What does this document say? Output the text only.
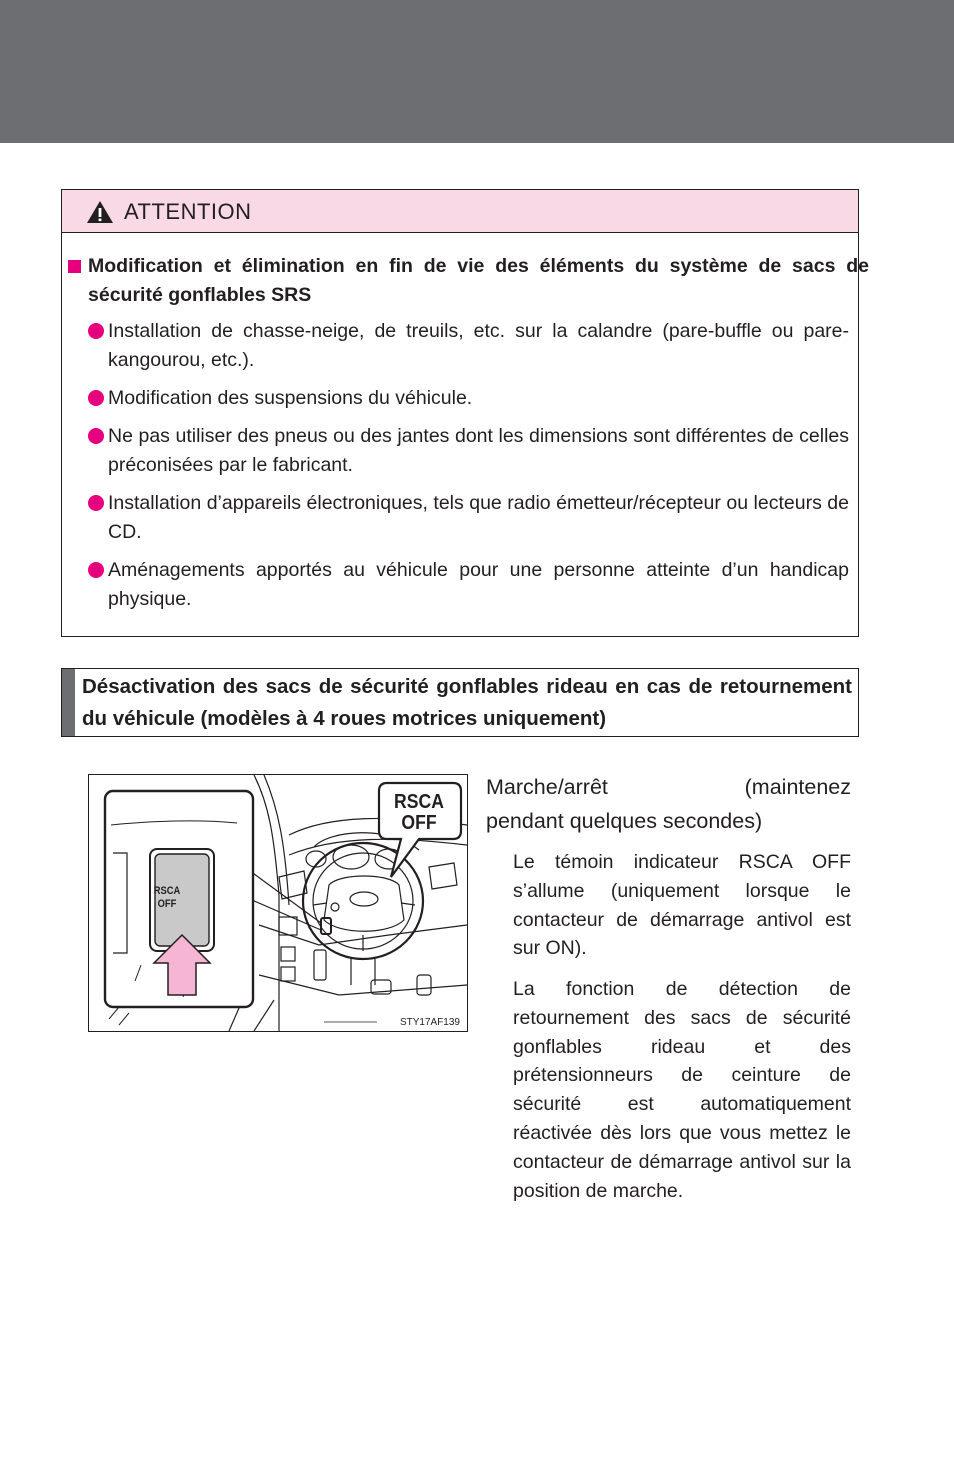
ATTENTION
Modification et élimination en fin de vie des éléments du système de sacs de sécurité gonflables SRS
Installation de chasse-neige, de treuils, etc. sur la calandre (pare-buffle ou pare-kangourou, etc.).
Modification des suspensions du véhicule.
Ne pas utiliser des pneus ou des jantes dont les dimensions sont différentes de celles préconisées par le fabricant.
Installation d’appareils électroniques, tels que radio émetteur/récepteur ou lecteurs de CD.
Aménagements apportés au véhicule pour une personne atteinte d’un handicap physique.
Désactivation des sacs de sécurité gonflables rideau en cas de retournement du véhicule (modèles à 4 roues motrices uniquement)
RSCA
OFF
RSCA
OFF
STY17AF139
Marche/arrêt	(maintenez
pendant quelques secondes)
Le témoin indicateur RSCA OFF s’allume (uniquement lorsque le contacteur de démarrage antivol est sur ON).
La fonction de détection de retournement des sacs de sécurité gonflables rideau et des prétensionneurs de ceinture de sécurité est automatiquement réactivée dès lors que vous mettez le contacteur de démarrage antivol sur la position de marche.
